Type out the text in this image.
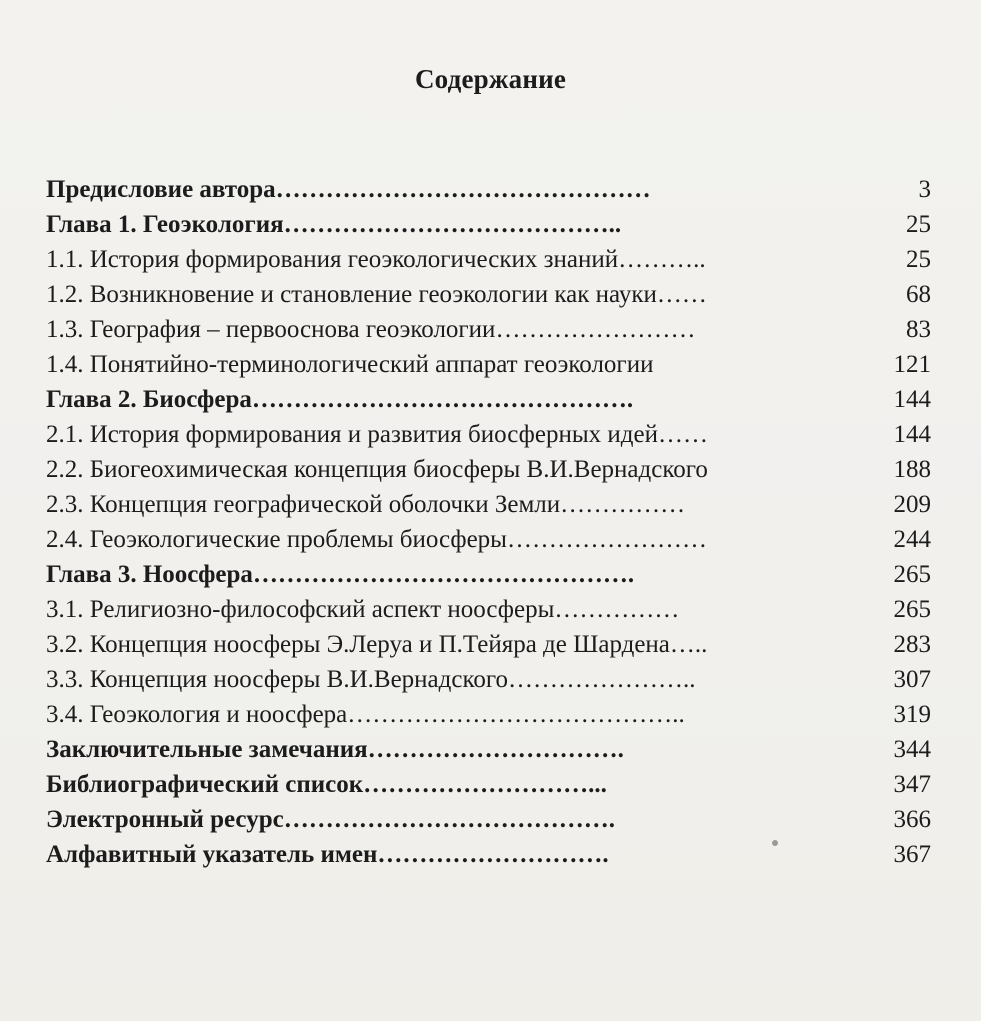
Содержание
Предисловие автора………………………………………	3
Глава 1. Геоэкология…………………………………..	25
1.1. История формирования геоэкологических знаний………..	25
1.2. Возникновение и становление геоэкологии как науки……	68
1.3. География – первооснова геоэкологии……………………	83
1.4. Понятийно-терминологический аппарат геоэкологии	121
Глава 2. Биосфера……………………………………….	144
2.1. История формирования и развития биосферных идей……	144
2.2. Биогеохимическая концепция биосферы В.И.Вернадского	188
2.3. Концепция географической оболочки Земли……………	209
2.4. Геоэкологические проблемы биосферы……………………	244
Глава 3. Ноосфера……………………………………….	265
3.1. Религиозно-философский аспект ноосферы……………	265
3.2. Концепция ноосферы Э.Леруа и П.Тейяра де Шардена…..	283
3.3. Концепция ноосферы В.И.Вернадского…………………..	307
3.4. Геоэкология и ноосфера…………………………………..	319
Заключительные замечания………………………….	344
Библиографический список………………………...	347
Электронный ресурс………………………………….	366
Алфавитный указатель имен……………………….	367
